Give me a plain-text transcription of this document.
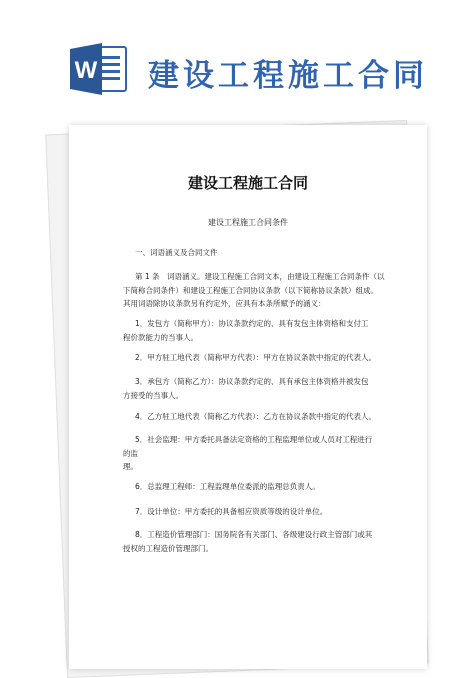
W 建设工程施工合同
建设工程施工合同
建设工程施工合同条件
一、词语涵义及合同文件
第 1 条　词语涵义。建设工程施工合同文本，由建设工程施工合同条件（以
下简称合同条件）和建设工程施工合同协议条款（以下简称协议条款）组成。
其用词语除协议条款另有约定外，应具有本条所赋予的涵义：
1．发包方（简称甲方）：协议条款约定的、具有发包主体资格和支付工
程价款能力的当事人。
2．甲方驻工地代表（简称甲方代表）：甲方在协议条款中指定的代表人。
3．承包方（简称乙方）：协议条款约定的、具有承包主体资格并被发包
方接受的当事人。
4．乙方驻工地代表（简称乙方代表）：乙方在协议条款中指定的代表人。
5．社会监理：甲方委托具备法定资格的工程监理单位或人员对工程进行
的监
理。
6．总监理工程师：工程监理单位委派的监理总负责人。
7．设计单位：甲方委托的具备相应资质等级的设计单位。
8．工程造价管理部门：国务院各有关部门、各级建设行政主管部门或其
授权的工程造价管理部门。
